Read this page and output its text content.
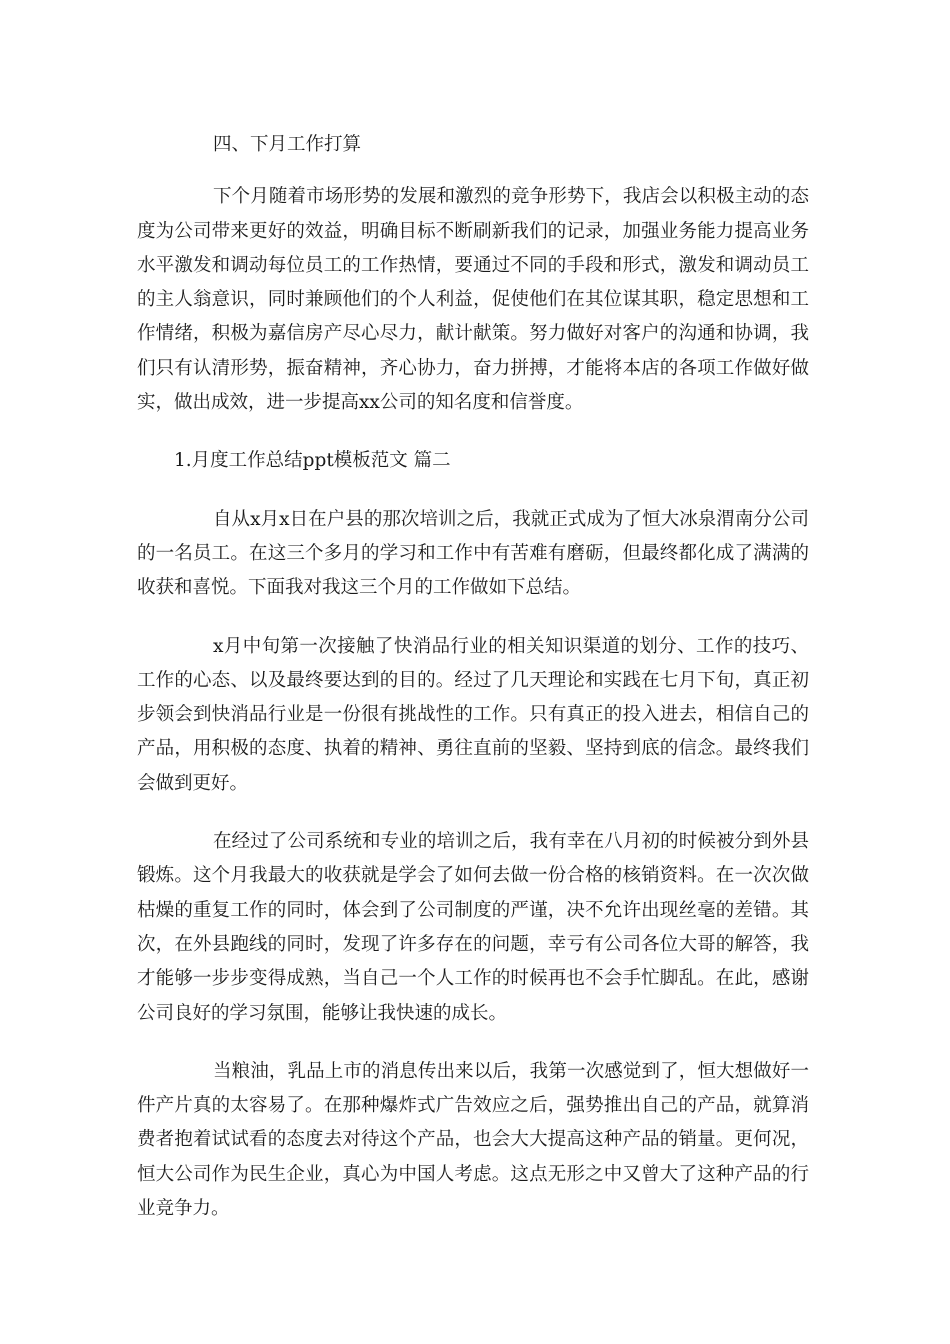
四、下月工作打算

下个月随着市场形势的发展和激烈的竞争形势下，我店会以积极主动的态度为公司带来更好的效益，明确目标不断刷新我们的记录，加强业务能力提高业务水平激发和调动每位员工的工作热情，要通过不同的手段和形式，激发和调动员工的主人翁意识，同时兼顾他们的个人利益，促使他们在其位谋其职，稳定思想和工作情绪，积极为嘉信房产尽心尽力，献计献策。努力做好对客户的沟通和协调，我们只有认清形势，振奋精神，齐心协力，奋力拼搏，才能将本店的各项工作做好做实，做出成效，进一步提高xx公司的知名度和信誉度。

1.月度工作总结ppt模板范文 篇二

自从x月x日在户县的那次培训之后，我就正式成为了恒大冰泉渭南分公司的一名员工。在这三个多月的学习和工作中有苦难有磨砺，但最终都化成了满满的收获和喜悦。下面我对我这三个月的工作做如下总结。

x月中旬第一次接触了快消品行业的相关知识渠道的划分、工作的技巧、工作的心态、以及最终要达到的目的。经过了几天理论和实践在七月下旬，真正初步领会到快消品行业是一份很有挑战性的工作。只有真正的投入进去，相信自己的产品，用积极的态度、执着的精神、勇往直前的坚毅、坚持到底的信念。最终我们会做到更好。

在经过了公司系统和专业的培训之后，我有幸在八月初的时候被分到外县锻炼。这个月我最大的收获就是学会了如何去做一份合格的核销资料。在一次次做枯燥的重复工作的同时，体会到了公司制度的严谨，决不允许出现丝毫的差错。其次，在外县跑线的同时，发现了许多存在的问题，幸亏有公司各位大哥的解答，我才能够一步步变得成熟，当自己一个人工作的时候再也不会手忙脚乱。在此，感谢公司良好的学习氛围，能够让我快速的成长。

当粮油，乳品上市的消息传出来以后，我第一次感觉到了，恒大想做好一件产片真的太容易了。在那种爆炸式广告效应之后，强势推出自己的产品，就算消费者抱着试试看的态度去对待这个产品，也会大大提高这种产品的销量。更何况，恒大公司作为民生企业，真心为中国人考虑。这点无形之中又曾大了这种产品的行业竞争力。
